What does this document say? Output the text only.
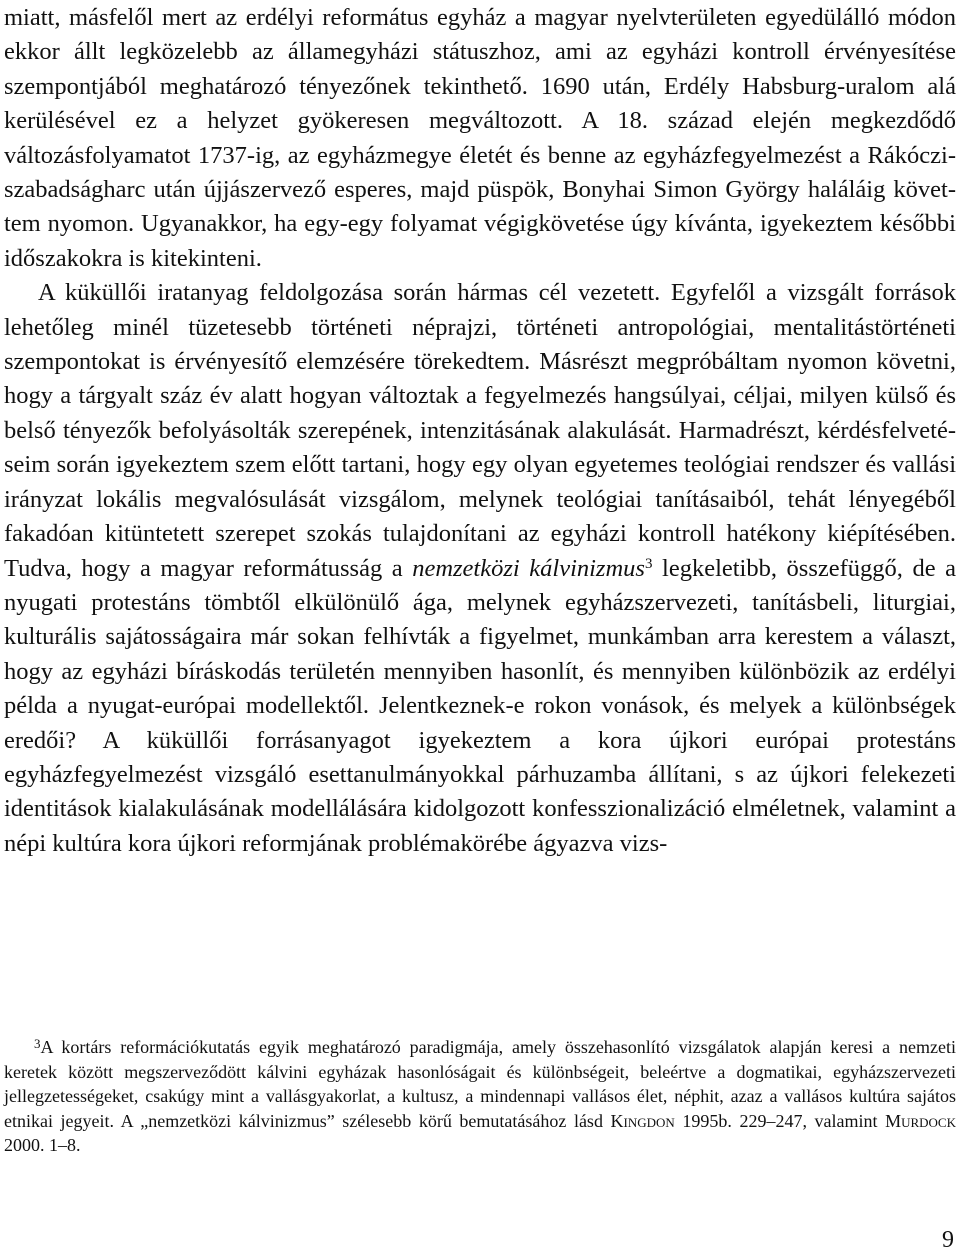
miatt, másfelől mert az erdélyi református egyház a magyar nyelvterületen egyedülálló módon ekkor állt legközelebb az államegyházi státuszhoz, ami az egyházi kontroll érvényesítése szempontjából meghatározó tényezőnek tekinthető. 1690 után, Erdély Habsburg-uralom alá kerülésével ez a helyzet gyökeresen megváltozott. A 18. század elején megkezdődő változásfolyamatot 1737-ig, az egyházmegye életét és benne az egyházfegyelmezést a Rákóczi-szabadságharc után újjászervező esperes, majd püspök, Bonyhai Simon György haláláig követtem nyomon. Ugyanakkor, ha egy-egy folyamat végigkövetése úgy kívánta, igyekeztem későbbi időszakokra is kitekinteni.

A küküllői iratanyag feldolgozása során hármas cél vezetett. Egyfelől a vizsgált források lehetőleg minél tüzetesebb történeti néprajzi, történeti antropológiai, mentalitástörténeti szempontokat is érvényesítő elemzésére törekedtem. Másrészt megpróbáltam nyomon követni, hogy a tárgyalt száz év alatt hogyan változtak a fegyelmezés hangsúlyai, céljai, milyen külső és belső tényezők befolyásolták szerepének, intenzitásának alakulását. Harmadrészt, kérdésfelvetéseim során igyekeztem szem előtt tartani, hogy egy olyan egyetemes teológiai rendszer és vallási irányzat lokális megvalósulását vizsgálom, melynek teológiai tanításaiból, tehát lényegéből fakadóan kitüntetett szerepet szokás tulajdonítani az egyházi kontroll hatékony kiépítésében. Tudva, hogy a magyar reformátusság a nemzetközi kálvinizmus$^3$ legkeletibb, összefüggő, de a nyugati protestáns tömbtől elkülönülő ága, melynek egyházszervezeti, tanításbeli, liturgiai, kulturális sajátosságaira már sokan felhívták a figyelmet, munkámban arra kerestem a választ, hogy az egyházi bíráskodás területén mennyiben hasonlít, és mennyiben különbözik az erdélyi példa a nyugat-európai modellektől. Jelentkeznek-e rokon vonások, és melyek a különbségek eredői? A küküllői forrásanyagot igyekeztem a kora újkori európai protestáns egyházfegyelmezést vizsgáló esettanulmányokkal párhuzamba állítani, s az újkori felekezeti identitások kialakulásának modellálására kidolgozott konfesszionalizáció elméletnek, valamint a népi kultúra kora újkori reformjának problémakörébe ágyazva vizs-

$^3$A kortárs reformációkutatás egyik meghatározó paradigmája, amely összehasonlító vizsgálatok alapján keresi a nemzeti keretek között megszerveződött kálvini egyházak hasonlóságait és különbségeit, beleértve a dogmatikai, egyházszervezeti jellegzetességeket, csakúgy mint a vallásgyakorlat, a kultusz, a mindennapi vallásos élet, néphit, azaz a vallásos kultúra sajátos etnikai jegyeit. A „nemzetközi kálvinizmus” szélesebb körű bemutatásához lásd Kingdon 1995b. 229–247, valamint Murdock 2000. 1–8.

9
